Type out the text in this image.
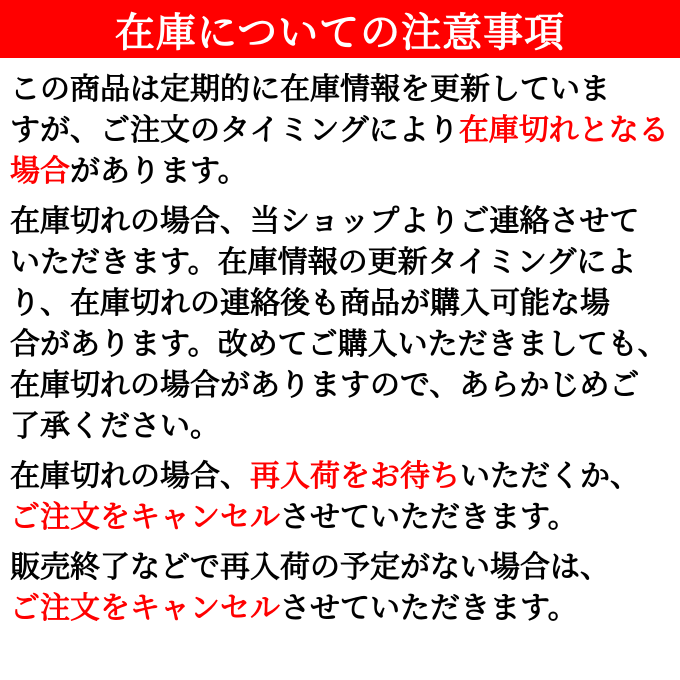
在庫についての注意事項

この商品は定期的に在庫情報を更新していま
すが、ご注文のタイミングにより在庫切れとなる
場合があります。

在庫切れの場合、当ショップよりご連絡させて
いただきます。在庫情報の更新タイミングによ
り、在庫切れの連絡後も商品が購入可能な場
合があります。改めてご購入いただきましても、
在庫切れの場合がありますので、あらかじめご
了承ください。

在庫切れの場合、再入荷をお待ちいただくか、
ご注文をキャンセルさせていただきます。

販売終了などで再入荷の予定がない場合は、
ご注文をキャンセルさせていただきます。
